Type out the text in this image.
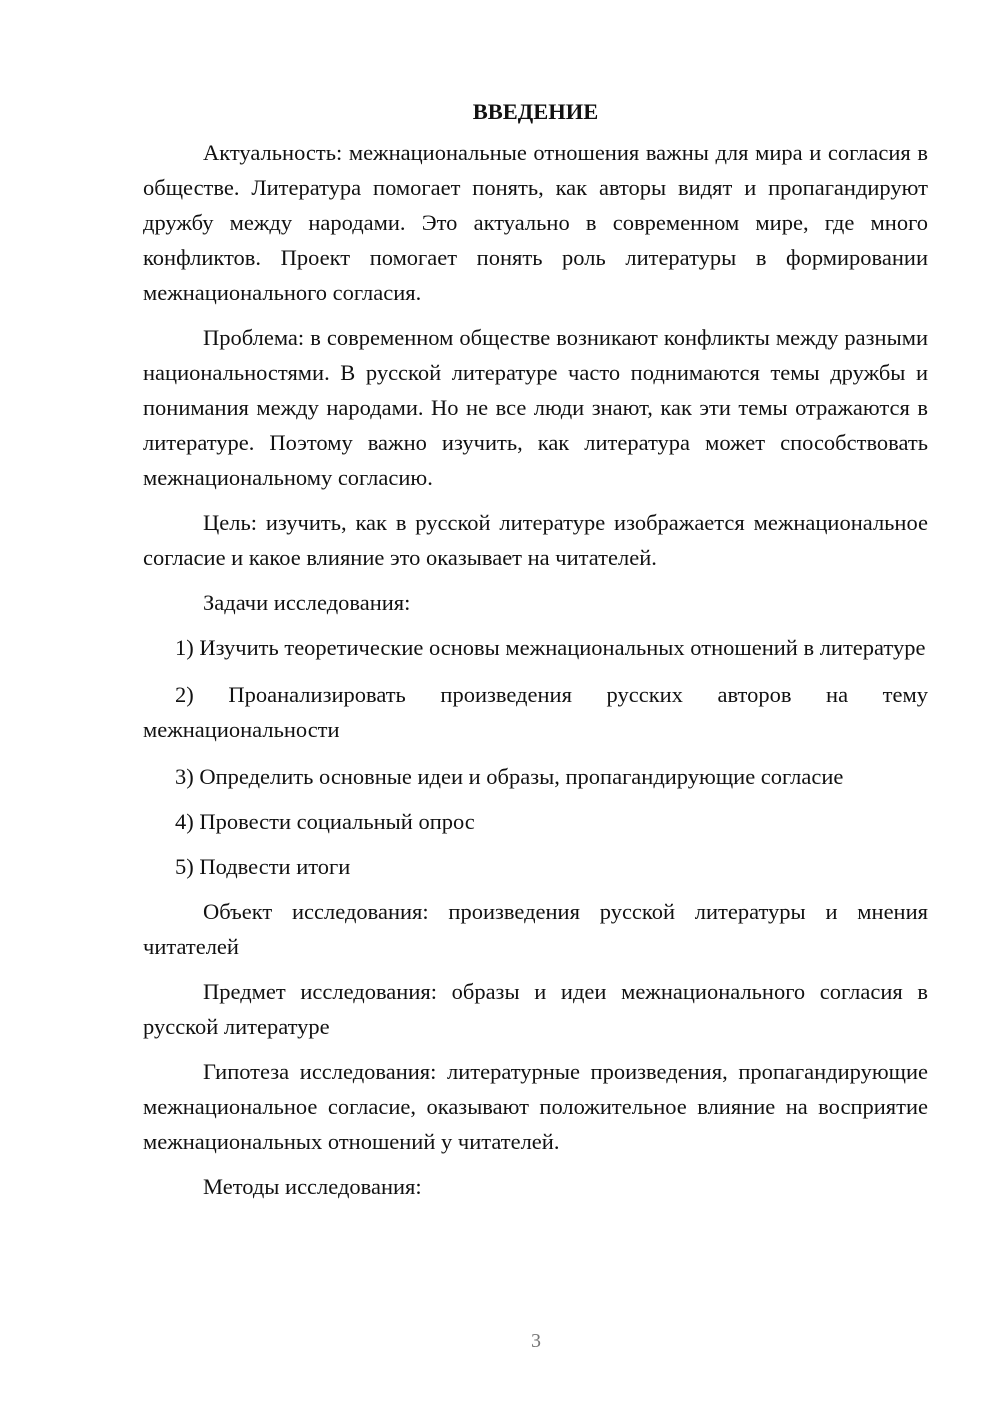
ВВЕДЕНИЕ

Актуальность: межнациональные отношения важны для мира и согласия в обществе. Литература помогает понять, как авторы видят и пропагандируют дружбу между народами. Это актуально в современном мире, где много конфликтов. Проект помогает понять роль литературы в формировании межнационального согласия.

Проблема: в современном обществе возникают конфликты между разными национальностями. В русской литературе часто поднимаются темы дружбы и понимания между народами. Но не все люди знают, как эти темы отражаются в литературе. Поэтому важно изучить, как литература может способствовать межнациональному согласию.

Цель: изучить, как в русской литературе изображается межнациональное согласие и какое влияние это оказывает на читателей.

Задачи исследования:

1) Изучить теоретические основы межнациональных отношений в литературе

2) Проанализировать произведения русских авторов на тему межнациональности

3) Определить основные идеи и образы, пропагандирующие согласие

4) Провести социальный опрос

5) Подвести итоги

Объект исследования: произведения русской литературы и мнения читателей

Предмет исследования: образы и идеи межнационального согласия в русской литературе

Гипотеза исследования: литературные произведения, пропагандирующие межнациональное согласие, оказывают положительное влияние на восприятие межнациональных отношений у читателей.

Методы исследования:

3
